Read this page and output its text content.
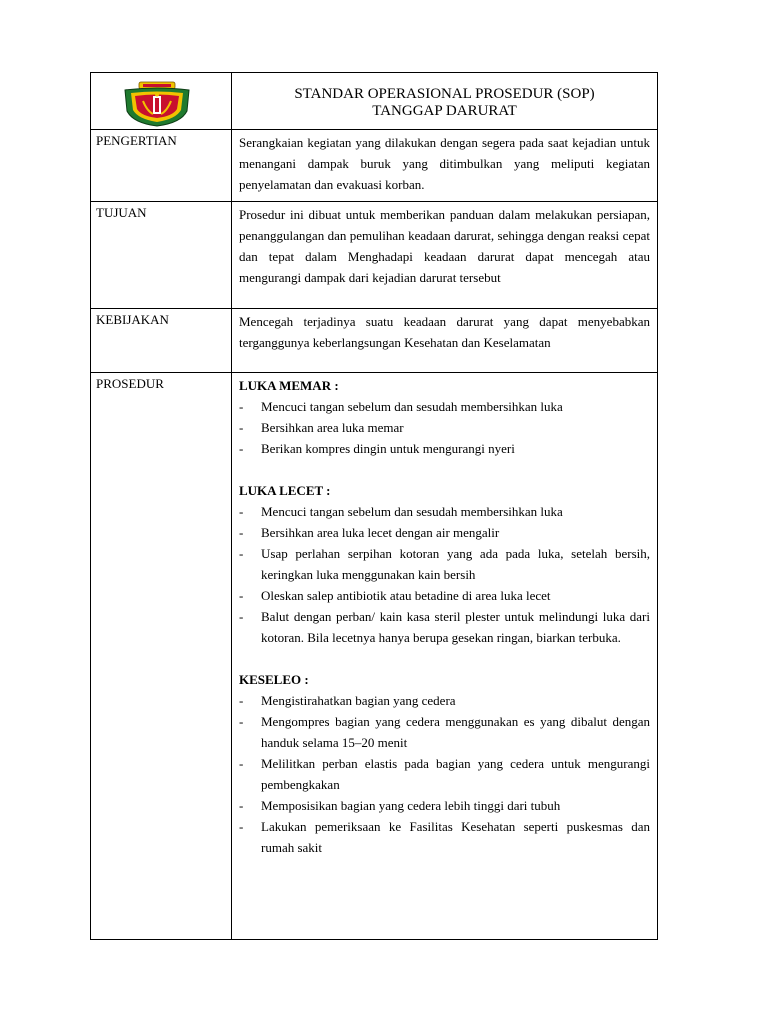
STANDAR OPERASIONAL PROSEDUR (SOP)
TANGGAP DARURAT
PENGERTIAN	Serangkaian kegiatan yang dilakukan dengan segera pada saat kejadian untuk menangani dampak buruk yang ditimbulkan yang meliputi kegiatan penyelamatan dan evakuasi korban.
TUJUAN	Prosedur ini dibuat untuk memberikan panduan dalam melakukan persiapan, penanggulangan dan pemulihan keadaan darurat, sehingga dengan reaksi cepat dan tepat dalam Menghadapi keadaan darurat dapat mencegah atau mengurangi dampak dari kejadian darurat tersebut
KEBIJAKAN	Mencegah terjadinya suatu keadaan darurat yang dapat menyebabkan terganggunya keberlangsungan Kesehatan dan Keselamatan
PROSEDUR	LUKA MEMAR :
- Mencuci tangan sebelum dan sesudah membersihkan luka
- Bersihkan area luka memar
- Berikan kompres dingin untuk mengurangi nyeri
LUKA LECET :
- Mencuci tangan sebelum dan sesudah membersihkan luka
- Bersihkan area luka lecet dengan air mengalir
- Usap perlahan serpihan kotoran yang ada pada luka, setelah bersih, keringkan luka menggunakan kain bersih
- Oleskan salep antibiotik atau betadine di area luka lecet
- Balut dengan perban/ kain kasa steril plester untuk melindungi luka dari kotoran. Bila lecetnya hanya berupa gesekan ringan, biarkan terbuka.
KESELEO :
- Mengistirahatkan bagian yang cedera
- Mengompres bagian yang cedera menggunakan es yang dibalut dengan handuk selama 15–20 menit
- Melilitkan perban elastis pada bagian yang cedera untuk mengurangi pembengkakan
- Memposisikan bagian yang cedera lebih tinggi dari tubuh
- Lakukan pemeriksaan ke Fasilitas Kesehatan seperti puskesmas dan rumah sakit
